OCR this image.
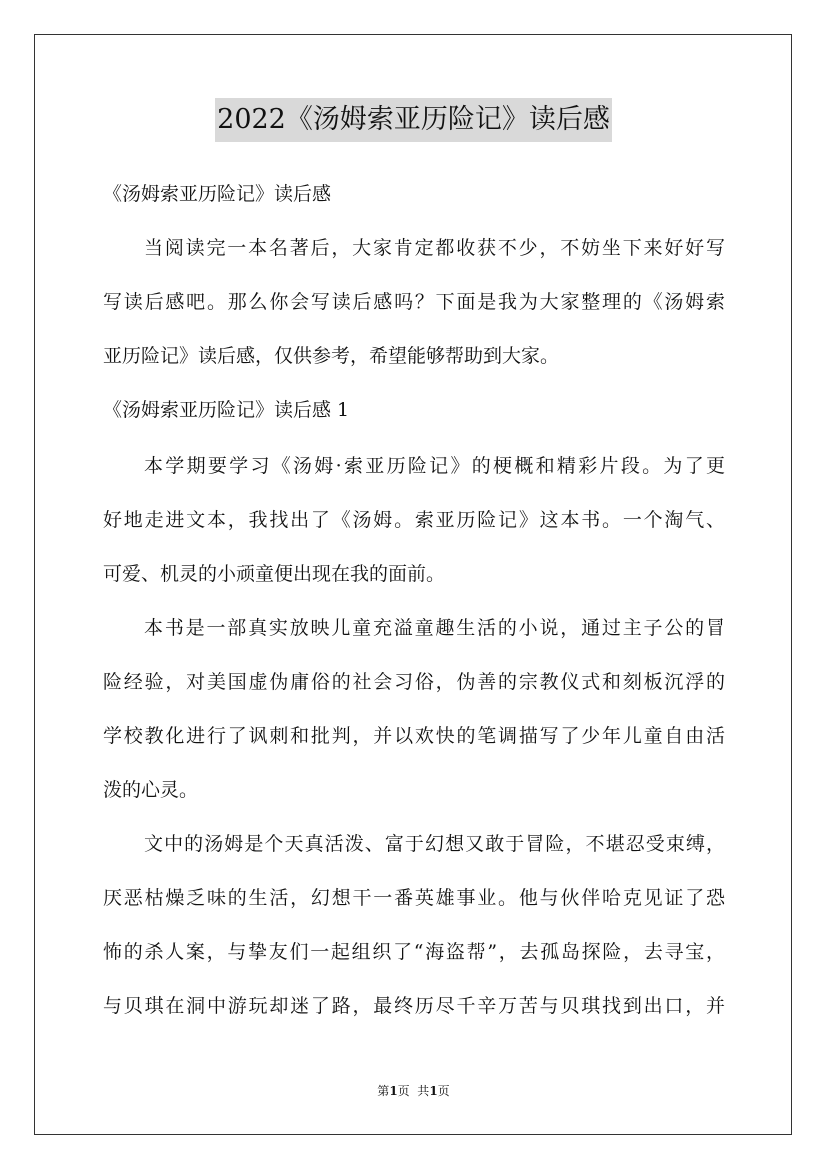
2022《汤姆索亚历险记》读后感
《汤姆索亚历险记》读后感
当阅读完一本名著后，大家肯定都收获不少，不妨坐下来好好写
写读后感吧。那么你会写读后感吗？下面是我为大家整理的《汤姆索
亚历险记》读后感，仅供参考，希望能够帮助到大家。
《汤姆索亚历险记》读后感 1
本学期要学习《汤姆·索亚历险记》的梗概和精彩片段。为了更
好地走进文本，我找出了《汤姆。索亚历险记》这本书。一个淘气、
可爱、机灵的小顽童便出现在我的面前。
本书是一部真实放映儿童充溢童趣生活的小说，通过主子公的冒
险经验，对美国虚伪庸俗的社会习俗，伪善的宗教仪式和刻板沉浮的
学校教化进行了讽刺和批判，并以欢快的笔调描写了少年儿童自由活
泼的心灵。
文中的汤姆是个天真活泼、富于幻想又敢于冒险，不堪忍受束缚，
厌恶枯燥乏味的生活，幻想干一番英雄事业。他与伙伴哈克见证了恐
怖的杀人案，与挚友们一起组织了“海盗帮”，去孤岛探险，去寻宝，
与贝琪在洞中游玩却迷了路，最终历尽千辛万苦与贝琪找到出口，并
第1页  共1页
